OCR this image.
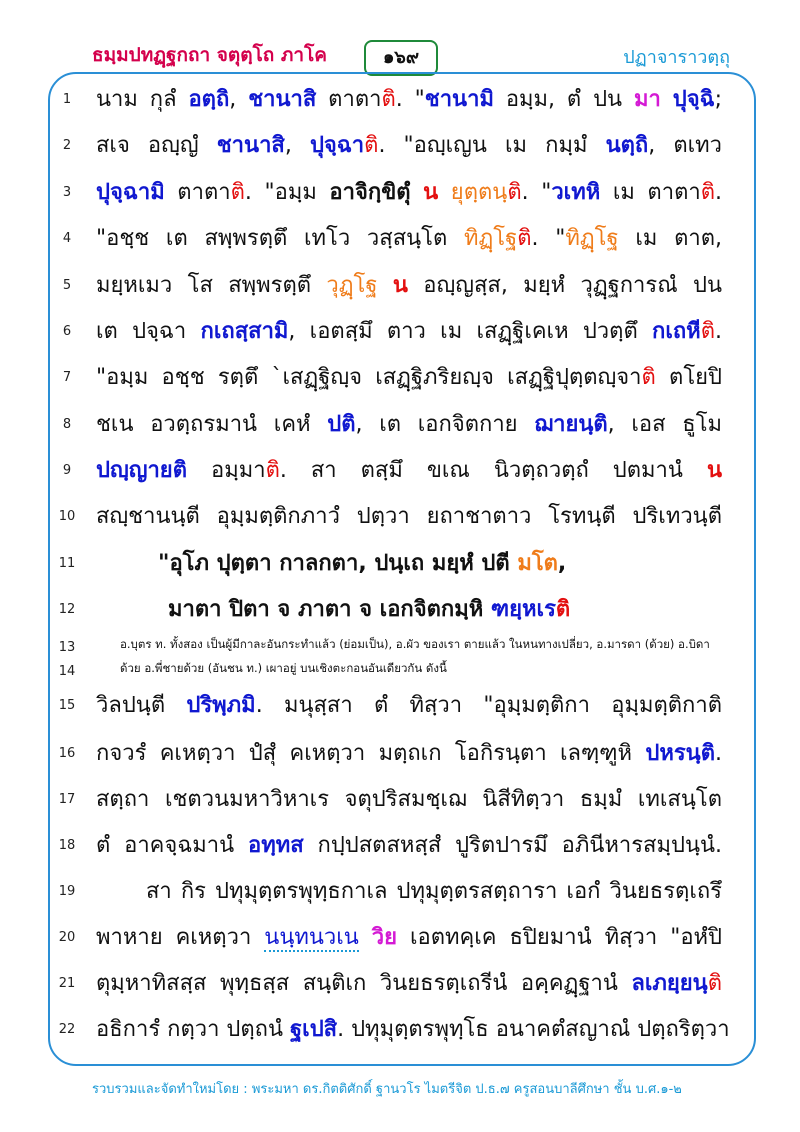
ธมฺมปทฏฺฐกถา จตุตฺโถ ภาโค	๑๖๙	ปฏาจาราวตฺถุ
1	นาม กุลํ อตฺถิ, ชานาสิ ตาตาติ. "ชานามิ อมฺม, ตํ ปน มา ปุจฺฉิ;
2	สเจ อญฺญํ ชานาสิ, ปุจฺฉาติ. "อญฺเญน เม กมฺมํ นตฺถิ, ตเทว
3	ปุจฺฉามิ ตาตาติ. "อมฺม อาจิกฺขิตุํ น ยุตฺตนฺติ. "วเทหิ เม ตาตาติ.
4	"อชฺช เต สพฺพรตฺตึ เทโว วสฺสนฺโต ทิฏฺโฐติ. "ทิฏฺโฐ เม ตาต,
5	มยฺหเมว โส สพฺพรตฺตึ วุฏฺโฐ น อญฺญสฺส, มยฺหํ วุฏฺฐการณํ ปน
6	เต ปจฺฉา กเถสฺสามิ, เอตสฺมึ ตาว เม เสฏฺฐิเคเห ปวตฺตึ กเถหีติ.
7	"อมฺม อชฺช รตฺตึ `เสฏฺฐิญฺจ เสฏฺฐิภริยญฺจ เสฏฺฐิปุตฺตญฺจาติ ตโยปิ
8	ชเน อวตฺถรมานํ เคหํ ปติ, เต เอกจิตกาย ฌายนฺติ, เอส ธูโม
9	ปญฺญายติ อมฺมาติ. สา ตสฺมึ ขเณ นิวตฺถวตฺถํ ปตมานํ น
10 สญฺชานนฺตี อุมฺมตฺติกภาวํ ปตฺวา ยถาชาตาว โรทนฺตี ปริเทวนฺตี
11	"อุโภ ปุตฺตา กาลกตา, ปนฺเถ มยฺหํ ปตี มโต,
12	มาตา ปิตา จ ภาตา จ เอกจิตกมฺหิ ฑยฺหเรติ
15 วิลปนฺตี ปริพฺภมิ. มนุสฺสา ตํ ทิสฺวา "อุมฺมตฺติกา อุมฺมตฺติกาติ
16 กจวรํ คเหตฺวา ปํสุํ คเหตฺวา มตฺถเก โอกิรนฺตา เลฑฺฑูหิ ปหรนฺติ.
17 สตฺถา เชตวนมหาวิหาเร จตุปริสมชฺเฌ นิสีทิตฺวา ธมฺมํ เทเสนฺโต
18 ตํ อาคจฺฉมานํ อทฺทส กปฺปสตสหสฺสํ ปูริตปารมึ อภินีหารสมฺปนฺนํ.
19	สา กิร ปทุมุตฺตรพุทฺธกาเล ปทุมุตฺตรสตฺถารา เอกํ วินยธรตฺเถรึ
20 พาหาย คเหตฺวา นนฺทนวเน วิย เอตทคฺเค ธปิยมานํ ทิสฺวา "อหํปิ
21 ตุมฺหาทิสสฺส พุทฺธสฺส สนฺติเก วินยธรตฺเถรีนํ อคฺคฏฺฐานํ ลเภยฺยนฺติ
22 อธิการํ กตฺวา ปตฺถนํ ฐเปสิ. ปทุมุตฺตรพุทฺโธ อนาคตํสญาณํ ปตฺถริตฺวา
13	อ.บุตร ท. ทั้งสอง เป็นผู้มีกาละอันกระทำแล้ว (ย่อมเป็น), อ.ผัว ของเรา ตายแล้ว ในหนทางเปลี่ยว, อ.มารดา (ด้วย) อ.บิดา
14	ด้วย อ.พี่ชายด้วย (อันชน ท.) เผาอยู่ บนเชิงตะกอนอันเดียวกัน ดังนี้
รวบรวมและจัดทำใหม่โดย : พระมหา ดร.กิตติศักดิ์ ฐานวโร ไมตรีจิต ป.ธ.๗ ครูสอนบาลีศึกษา ชั้น บ.ศ.๑-๒
